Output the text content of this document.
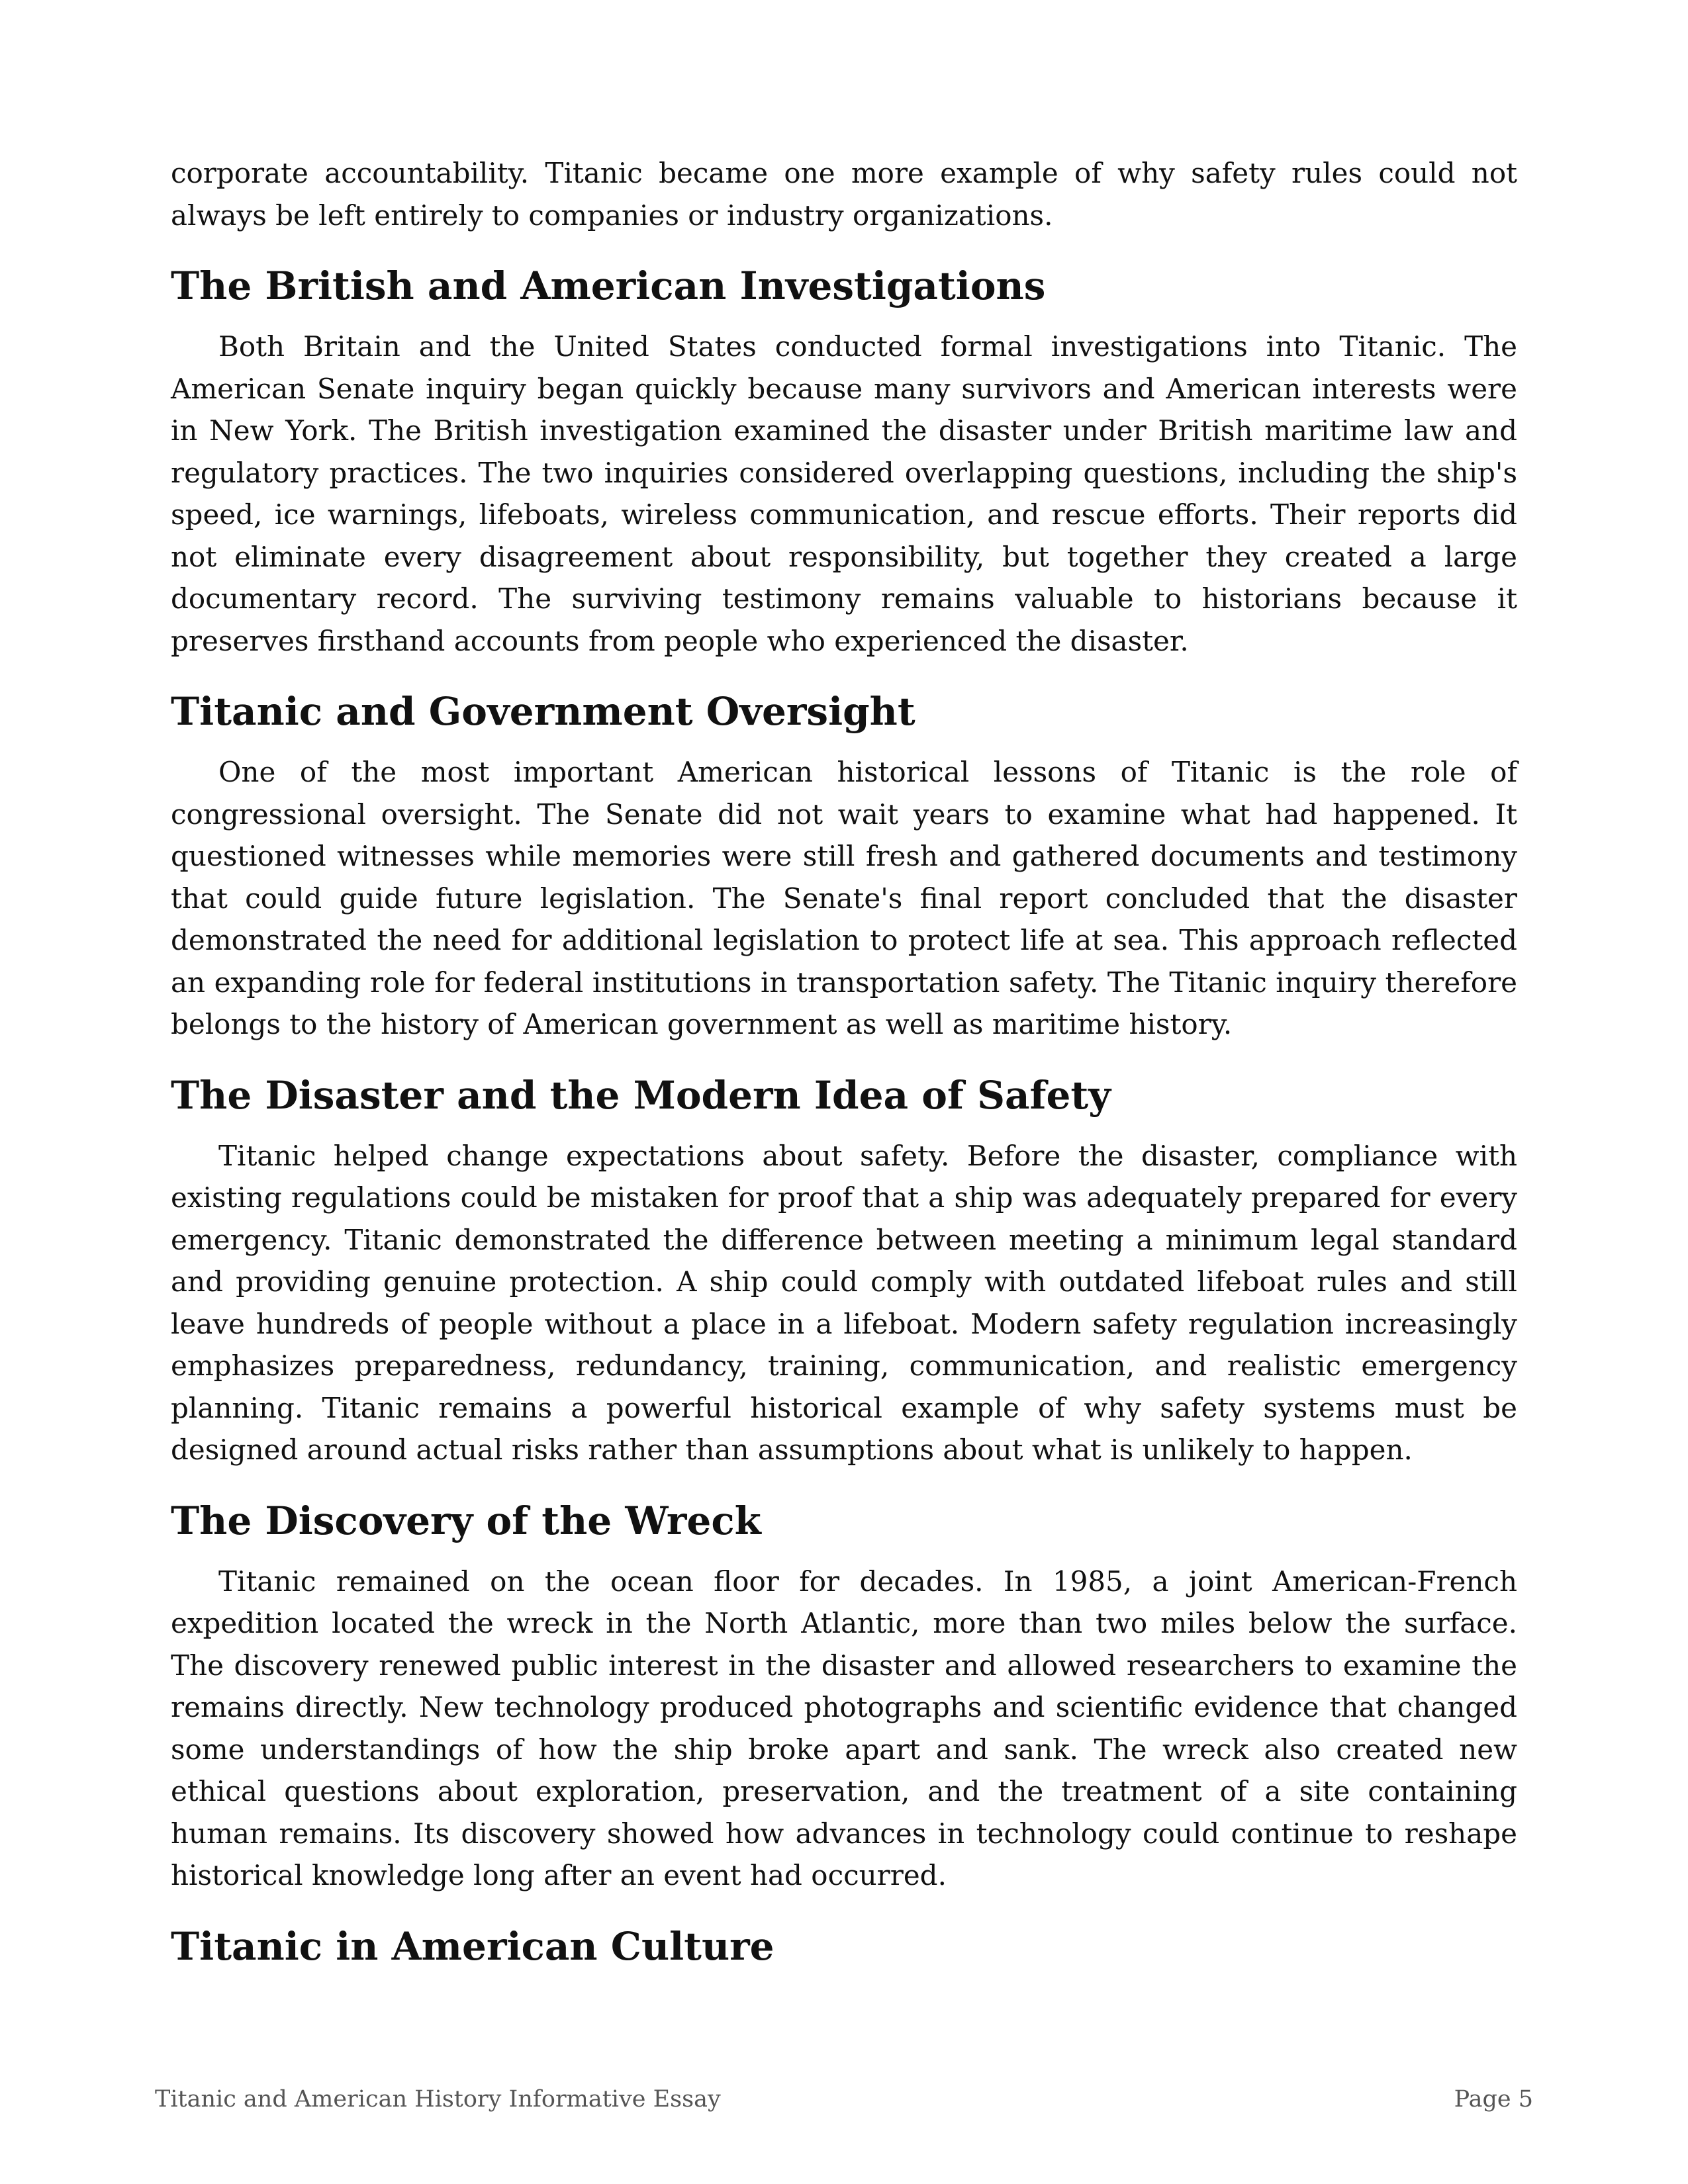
corporate accountability. Titanic became one more example of why safety rules could not always be left entirely to companies or industry organizations.

The British and American Investigations

Both Britain and the United States conducted formal investigations into Titanic. The American Senate inquiry began quickly because many survivors and American interests were in New York. The British investigation examined the disaster under British maritime law and regulatory practices. The two inquiries considered overlapping questions, including the ship's speed, ice warnings, lifeboats, wireless communication, and rescue efforts. Their reports did not eliminate every disagreement about responsibility, but together they created a large documentary record. The surviving testimony remains valuable to historians because it preserves firsthand accounts from people who experienced the disaster.

Titanic and Government Oversight

One of the most important American historical lessons of Titanic is the role of congressional oversight. The Senate did not wait years to examine what had happened. It questioned witnesses while memories were still fresh and gathered documents and testimony that could guide future legislation. The Senate's final report concluded that the disaster demonstrated the need for additional legislation to protect life at sea. This approach reflected an expanding role for federal institutions in transportation safety. The Titanic inquiry therefore belongs to the history of American government as well as maritime history.

The Disaster and the Modern Idea of Safety

Titanic helped change expectations about safety. Before the disaster, compliance with existing regulations could be mistaken for proof that a ship was adequately prepared for every emergency. Titanic demonstrated the difference between meeting a minimum legal standard and providing genuine protection. A ship could comply with outdated lifeboat rules and still leave hundreds of people without a place in a lifeboat. Modern safety regulation increasingly emphasizes preparedness, redundancy, training, communication, and realistic emergency planning. Titanic remains a powerful historical example of why safety systems must be designed around actual risks rather than assumptions about what is unlikely to happen.

The Discovery of the Wreck

Titanic remained on the ocean floor for decades. In 1985, a joint American-French expedition located the wreck in the North Atlantic, more than two miles below the surface. The discovery renewed public interest in the disaster and allowed researchers to examine the remains directly. New technology produced photographs and scientific evidence that changed some understandings of how the ship broke apart and sank. The wreck also created new ethical questions about exploration, preservation, and the treatment of a site containing human remains. Its discovery showed how advances in technology could continue to reshape historical knowledge long after an event had occurred.

Titanic in American Culture
Titanic and American History Informative Essay	Page 5
